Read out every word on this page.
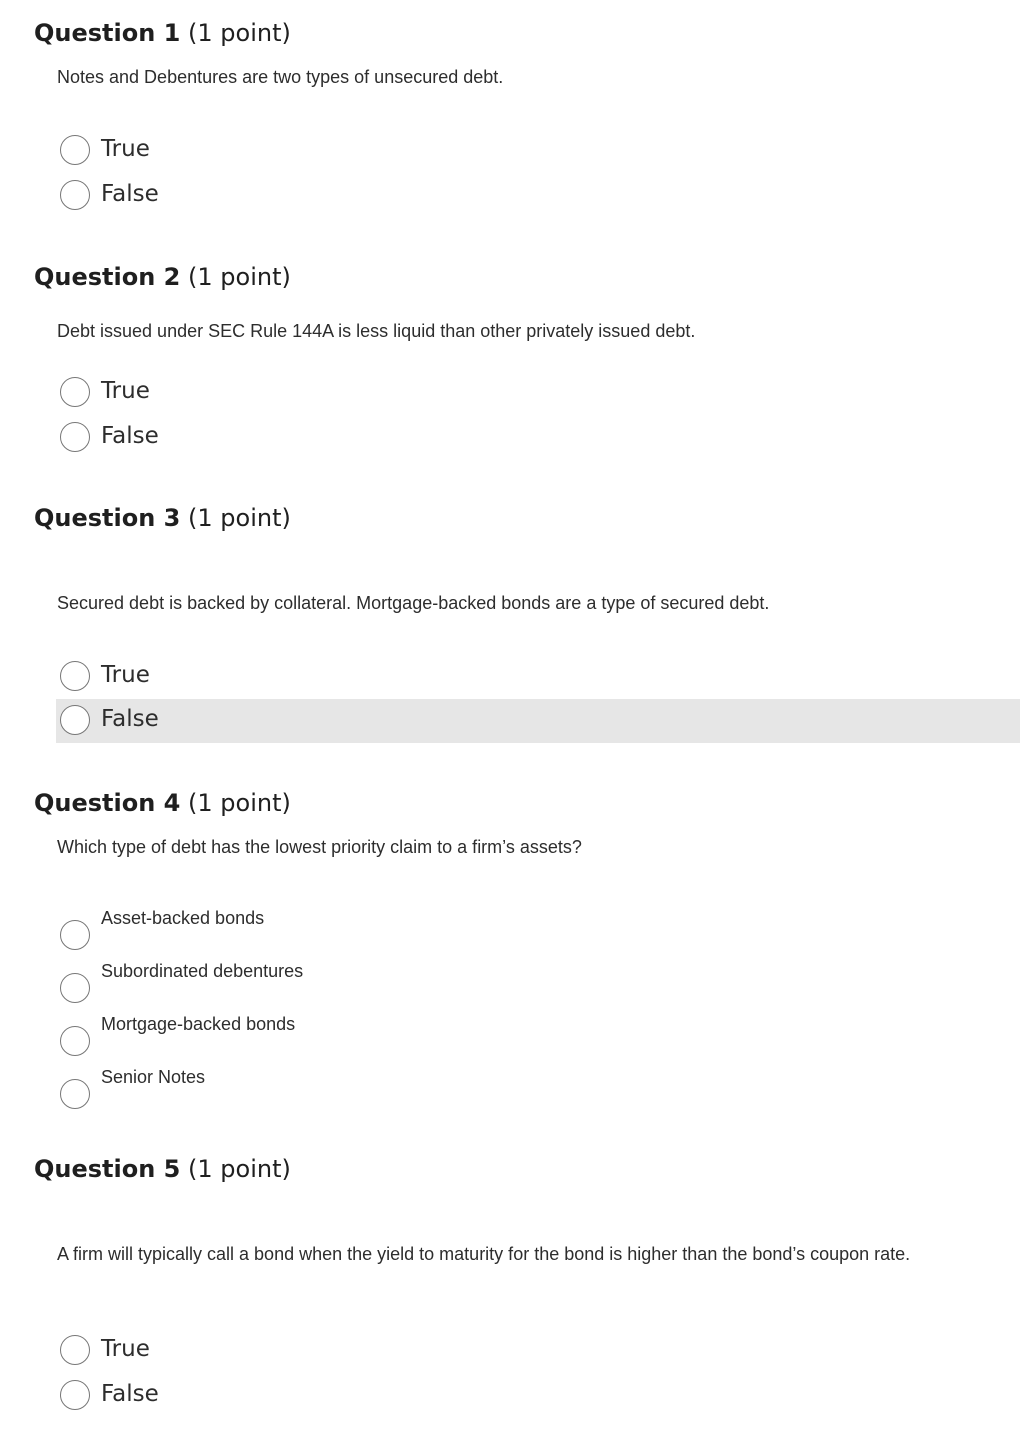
Question 1 (1 point)

Notes and Debentures are two types of unsecured debt.

True
False
Question 2 (1 point)

Debt issued under SEC Rule 144A is less liquid than other privately issued debt.

True
False
Question 3 (1 point)

Secured debt is backed by collateral. Mortgage-backed bonds are a type of secured debt.

True
False
Question 4 (1 point)

Which type of debt has the lowest priority claim to a firm’s assets?

Asset-backed bonds
Subordinated debentures
Mortgage-backed bonds
Senior Notes
Question 5 (1 point)

A firm will typically call a bond when the yield to maturity for the bond is higher than the bond’s coupon rate.

True
False
